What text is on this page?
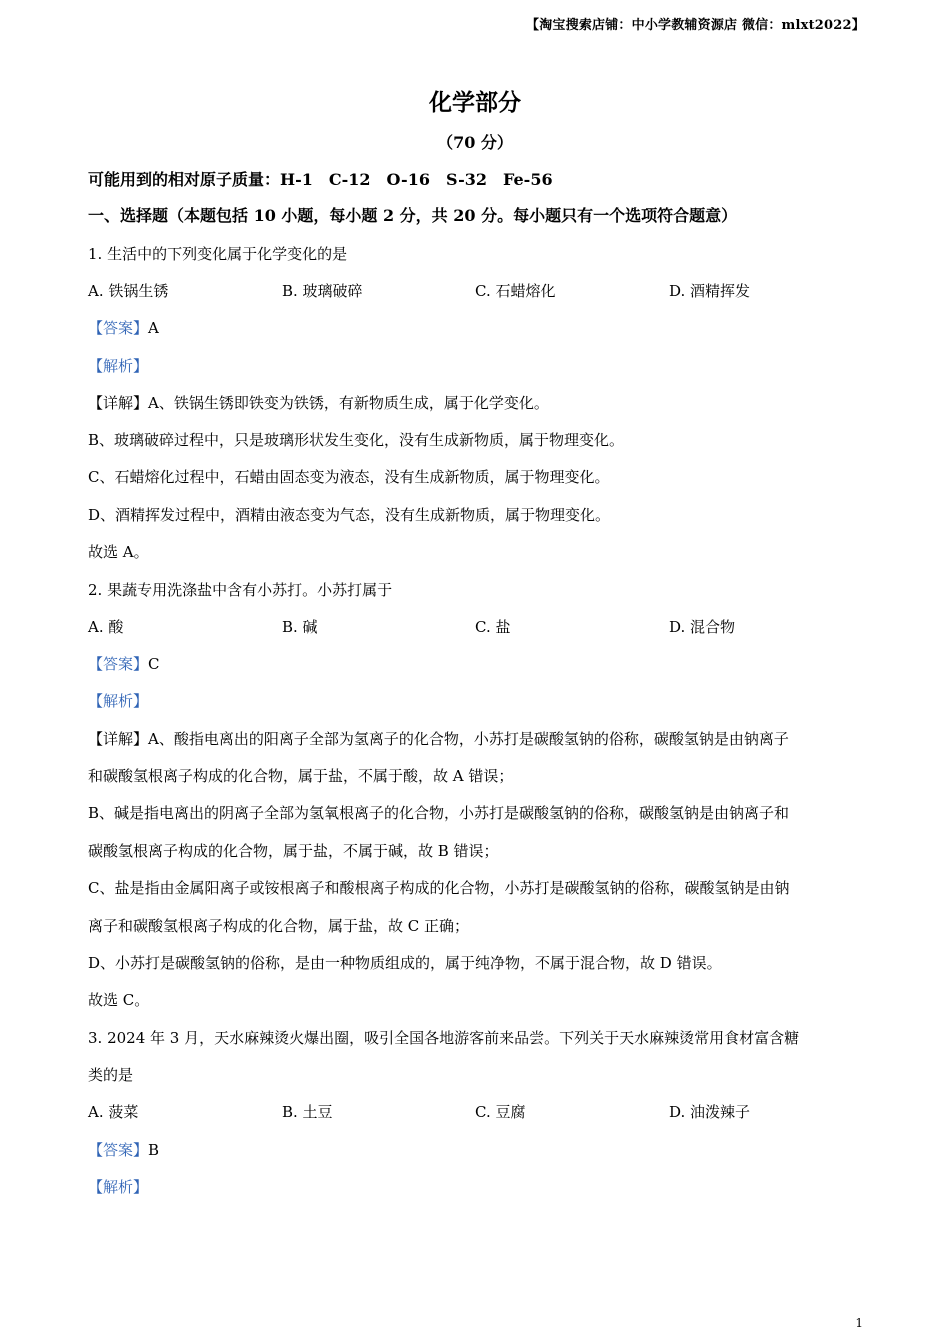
【淘宝搜索店铺：中小学教辅资源店 微信：mlxt2022】
化学部分
（70 分）
可能用到的相对原子质量：H-1　C-12　O-16　S-32　Fe-56
一、选择题（本题包括 10 小题，每小题 2 分，共 20 分。每小题只有一个选项符合题意）
1. 生活中的下列变化属于化学变化的是
A. 铁锅生锈	B. 玻璃破碎	C. 石蜡熔化	D. 酒精挥发
【答案】A
【解析】
【详解】A、铁锅生锈即铁变为铁锈，有新物质生成，属于化学变化。
B、玻璃破碎过程中，只是玻璃形状发生变化，没有生成新物质，属于物理变化。
C、石蜡熔化过程中，石蜡由固态变为液态，没有生成新物质，属于物理变化。
D、酒精挥发过程中，酒精由液态变为气态，没有生成新物质，属于物理变化。
故选 A。
2. 果蔬专用洗涤盐中含有小苏打。小苏打属于
A. 酸	B. 碱	C. 盐	D. 混合物
【答案】C
【解析】
【详解】A、酸指电离出的阳离子全部为氢离子的化合物，小苏打是碳酸氢钠的俗称，碳酸氢钠是由钠离子
和碳酸氢根离子构成的化合物，属于盐，不属于酸，故 A 错误；
B、碱是指电离出的阴离子全部为氢氧根离子的化合物，小苏打是碳酸氢钠的俗称，碳酸氢钠是由钠离子和
碳酸氢根离子构成的化合物，属于盐，不属于碱，故 B 错误；
C、盐是指由金属阳离子或铵根离子和酸根离子构成的化合物，小苏打是碳酸氢钠的俗称，碳酸氢钠是由钠
离子和碳酸氢根离子构成的化合物，属于盐，故 C 正确；
D、小苏打是碳酸氢钠的俗称，是由一种物质组成的，属于纯净物，不属于混合物，故 D 错误。
故选 C。
3. 2024 年 3 月，天水麻辣烫火爆出圈，吸引全国各地游客前来品尝。下列关于天水麻辣烫常用食材富含糖
类的是
A. 菠菜	B. 土豆	C. 豆腐	D. 油泼辣子
【答案】B
【解析】
1
